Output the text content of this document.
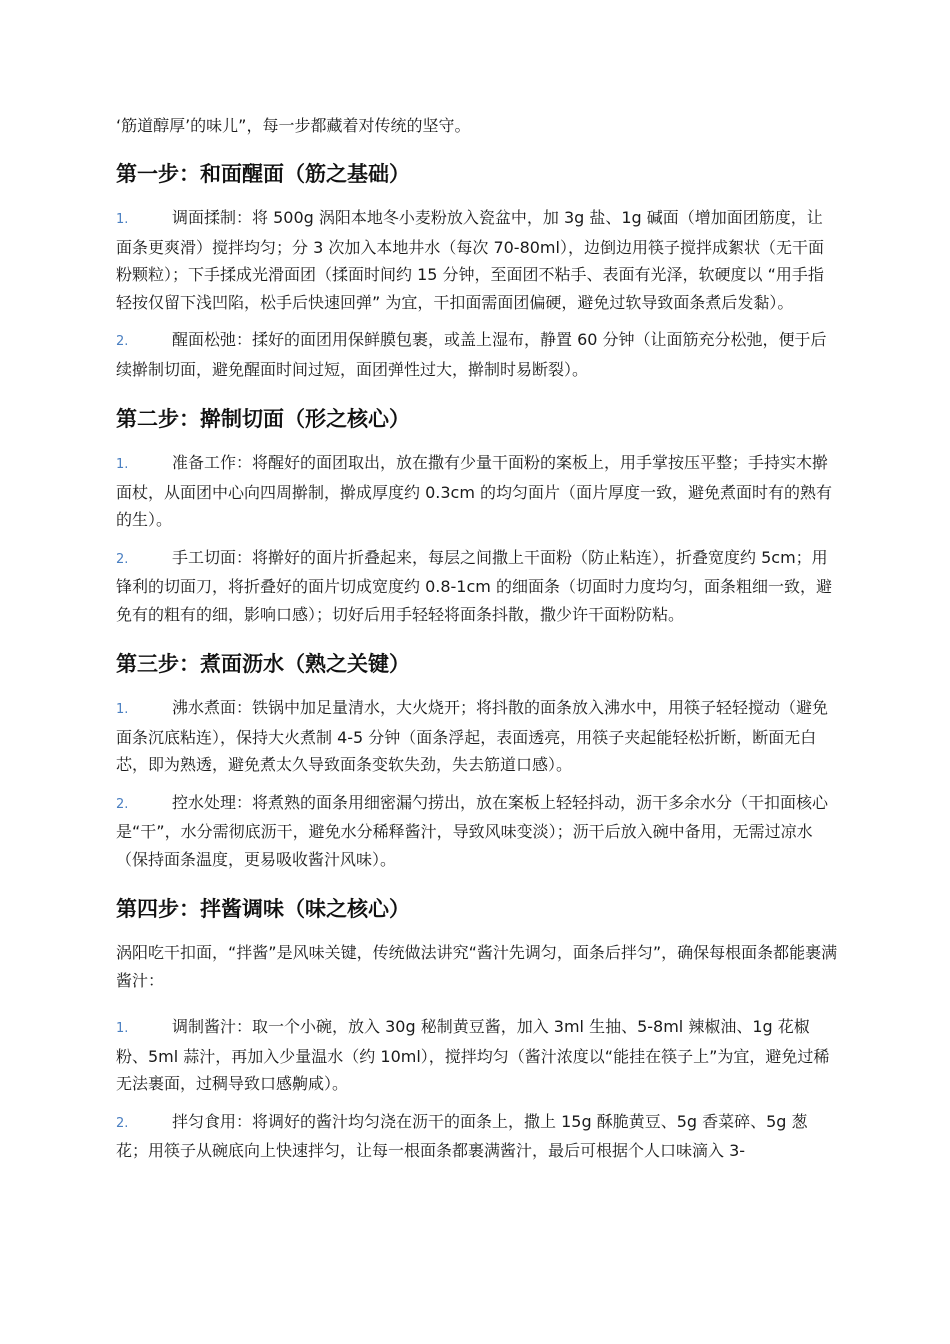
‘筋道醇厚’的味儿”，每一步都藏着对传统的坚守。

第一步：和面醒面（筋之基础）

1.	调面揉制：将 500g 涡阳本地冬小麦粉放入瓷盆中，加 3g 盐、1g 碱面（增加面团筋度，让面条更爽滑）搅拌均匀；分 3 次加入本地井水（每次 70-80ml），边倒边用筷子搅拌成絮状（无干面粉颗粒）；下手揉成光滑面团（揉面时间约 15 分钟，至面团不粘手、表面有光泽，软硬度以 “用手指轻按仅留下浅凹陷，松手后快速回弹” 为宜，干扣面需面团偏硬，避免过软导致面条煮后发黏）。

2.	醒面松弛：揉好的面团用保鲜膜包裹，或盖上湿布，静置 60 分钟（让面筋充分松弛，便于后续擀制切面，避免醒面时间过短，面团弹性过大，擀制时易断裂）。

第二步：擀制切面（形之核心）

1.	准备工作：将醒好的面团取出，放在撒有少量干面粉的案板上，用手掌按压平整；手持实木擀面杖，从面团中心向四周擀制，擀成厚度约 0.3cm 的均匀面片（面片厚度一致，避免煮面时有的熟有的生）。

2.	手工切面：将擀好的面片折叠起来，每层之间撒上干面粉（防止粘连），折叠宽度约 5cm；用锋利的切面刀，将折叠好的面片切成宽度约 0.8-1cm 的细面条（切面时力度均匀，面条粗细一致，避免有的粗有的细，影响口感）；切好后用手轻轻将面条抖散，撒少许干面粉防粘。

第三步：煮面沥水（熟之关键）

1.	沸水煮面：铁锅中加足量清水，大火烧开；将抖散的面条放入沸水中，用筷子轻轻搅动（避免面条沉底粘连），保持大火煮制 4-5 分钟（面条浮起，表面透亮，用筷子夹起能轻松折断，断面无白芯，即为熟透，避免煮太久导致面条变软失劲，失去筋道口感）。

2.	控水处理：将煮熟的面条用细密漏勺捞出，放在案板上轻轻抖动，沥干多余水分（干扣面核心是“干”，水分需彻底沥干，避免水分稀释酱汁，导致风味变淡）；沥干后放入碗中备用，无需过凉水（保持面条温度，更易吸收酱汁风味）。

第四步：拌酱调味（味之核心）

涡阳吃干扣面，“拌酱”是风味关键，传统做法讲究“酱汁先调匀，面条后拌匀”，确保每根面条都能裹满酱汁：

1.	调制酱汁：取一个小碗，放入 30g 秘制黄豆酱，加入 3ml 生抽、5-8ml 辣椒油、1g 花椒粉、5ml 蒜汁，再加入少量温水（约 10ml），搅拌均匀（酱汁浓度以“能挂在筷子上”为宜，避免过稀无法裹面，过稠导致口感齁咸）。

2.	拌匀食用：将调好的酱汁均匀浇在沥干的面条上，撒上 15g 酥脆黄豆、5g 香菜碎、5g 葱花；用筷子从碗底向上快速拌匀，让每一根面条都裹满酱汁，最后可根据个人口味滴入 3-
